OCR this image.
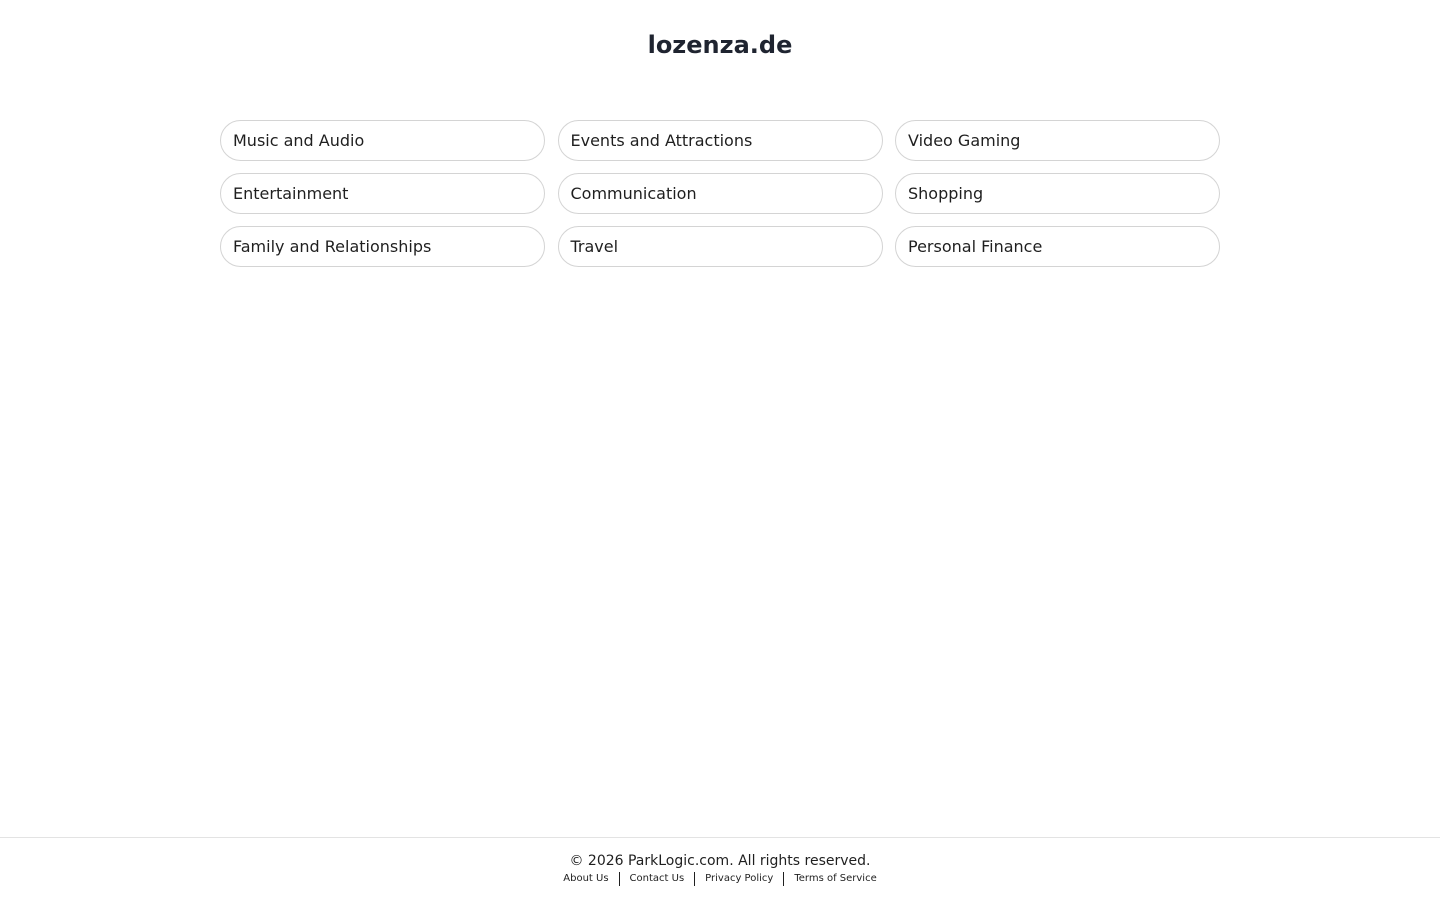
lozenza.de
Music and Audio	Events and Attractions	Video Gaming
Entertainment	Communication	Shopping
Family and Relationships	Travel	Personal Finance
© 2026 ParkLogic.com. All rights reserved.
About Us Contact Us Privacy Policy Terms of Service
